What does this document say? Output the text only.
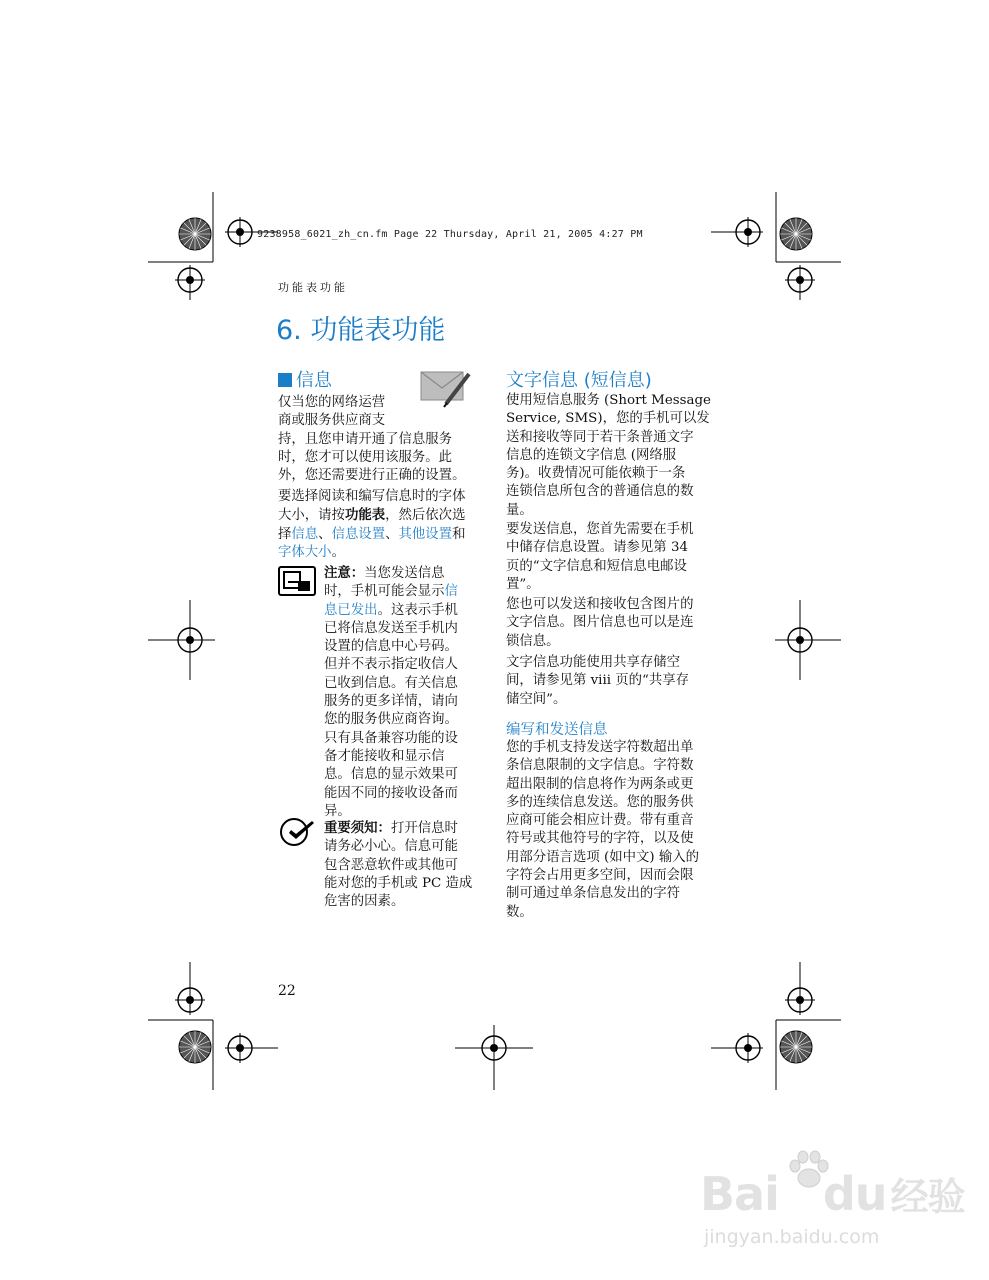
9238958_6021_zh_cn.fm Page 22 Thursday, April 21, 2005 4:27 PM
功能表功能
6. 功能表功能
信息
仅当您的网络运营
商或服务供应商支
持，且您申请开通了信息服务
时，您才可以使用该服务。此
外，您还需要进行正确的设置。
要选择阅读和编写信息时的字体
大小，请按功能表，然后依次选
择信息、信息设置、其他设置和
字体大小。
注意：当您发送信息
时，手机可能会显示信
息已发出。这表示手机
已将信息发送至手机内
设置的信息中心号码。
但并不表示指定收信人
已收到信息。有关信息
服务的更多详情，请向
您的服务供应商咨询。
只有具备兼容功能的设
备才能接收和显示信
息。信息的显示效果可
能因不同的接收设备而
异。
重要须知：打开信息时
请务必小心。信息可能
包含恶意软件或其他可
能对您的手机或 PC 造成
危害的因素。
文字信息 (短信息)
使用短信息服务 (Short Message
Service, SMS)，您的手机可以发
送和接收等同于若干条普通文字
信息的连锁文字信息 (网络服
务)。收费情况可能依赖于一条
连锁信息所包含的普通信息的数
量。
要发送信息，您首先需要在手机
中储存信息设置。请参见第 34
页的“文字信息和短信息电邮设
置”。
您也可以发送和接收包含图片的
文字信息。图片信息也可以是连
锁信息。
文字信息功能使用共享存储空
间，请参见第 viii 页的“共享存
储空间”。
编写和发送信息
您的手机支持发送字符数超出单
条信息限制的文字信息。字符数
超出限制的信息将作为两条或更
多的连续信息发送。您的服务供
应商可能会相应计费。带有重音
符号或其他符号的字符，以及使
用部分语言选项 (如中文) 输入的
字符会占用更多空间，因而会限
制可通过单条信息发出的字符
数。
22
Bai du 经验
jingyan.baidu.com
